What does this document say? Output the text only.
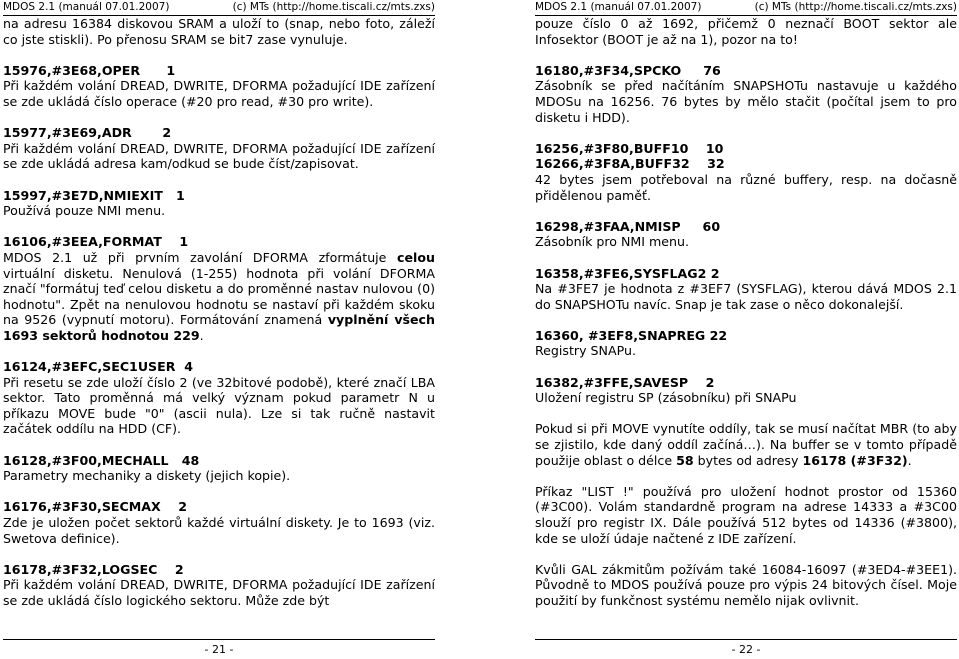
MDOS 2.1 (manuál 07.01.2007)	(c) MTs (http://home.tiscali.cz/mts.zxs)

na adresu 16384 diskovou SRAM a uloží to (snap, nebo foto, záleží co jste stiskli). Po přenosu SRAM se bit7 zase vynuluje.

15976,#3E68,OPER      1

Při každém volání DREAD, DWRITE, DFORMA požadující IDE zařízení se zde ukládá číslo operace (#20 pro read, #30 pro write).

15977,#3E69,ADR       2

Při každém volání DREAD, DWRITE, DFORMA požadující IDE zařízení se zde ukládá adresa kam/odkud se bude číst/zapisovat.

15997,#3E7D,NMIEXIT   1

Používá pouze NMI menu.

16106,#3EEA,FORMAT    1

MDOS 2.1 už při prvním zavolání DFORMA zformátuje celou virtuální disketu. Nenulová (1-255) hodnota při volání DFORMA značí "formátuj teď celou disketu a do proměnné nastav nulovou (0) hodnotu". Zpět na nenulovou hodnotu se nastaví při každém skoku na 9526 (vypnutí motoru). Formátování znamená vyplnění všech 1693 sektorů hodnotou 229.

16124,#3EFC,SEC1USER  4

Při resetu se zde uloží číslo 2 (ve 32bitové podobě), které značí LBA sektor. Tato proměnná má velký význam pokud parametr N u příkazu MOVE bude "0" (ascii nula). Lze si tak ručně nastavit začátek oddílu na HDD (CF).

16128,#3F00,MECHALL   48

Parametry mechaniky a diskety (jejich kopie).

16176,#3F30,SECMAX    2

Zde je uložen počet sektorů každé virtuální diskety. Je to 1693 (viz. Swetova definice).

16178,#3F32,LOGSEC    2

Při každém volání DREAD, DWRITE, DFORMA požadující IDE zařízení se zde ukládá číslo logického sektoru. Může zde být

- 21 -
MDOS 2.1 (manuál 07.01.2007)	(c) MTs (http://home.tiscali.cz/mts.zxs)

pouze číslo 0 až 1692, přičemž 0 neznačí BOOT sektor ale Infosektor (BOOT je až na 1), pozor na to!

16180,#3F34,SPCKO     76

Zásobník se před načítáním SNAPSHOTu nastavuje u každého MDOSu na 16256. 76 bytes by mělo stačit (počítal jsem to pro disketu i HDD).

16256,#3F80,BUFF10    10

16266,#3F8A,BUFF32    32

42 bytes jsem potřeboval na různé buffery, resp. na dočasně přidělenou paměť.

16298,#3FAA,NMISP     60

Zásobník pro NMI menu.

16358,#3FE6,SYSFLAG2 2

Na #3FE7 je hodnota z #3EF7 (SYSFLAG), kterou dává MDOS 2.1 do SNAPSHOTu navíc. Snap je tak zase o něco dokonalejší.

16360, #3EF8,SNAPREG 22

Registry SNAPu.

16382,#3FFE,SAVESP    2

Uložení registru SP (zásobníku) při SNAPu

Pokud si při MOVE vynutíte oddíly, tak se musí načítat MBR (to aby se zjistilo, kde daný oddíl začíná…). Na buffer se v tomto případě použije oblast o délce 58 bytes od adresy 16178 (#3F32).

Příkaz "LIST !" používá pro uložení hodnot prostor od 15360 (#3C00). Volám standardně program na adrese 14333 a #3C00 slouží pro registr IX. Dále používá 512 bytes od 14336 (#3800), kde se uloží údaje načtené z IDE zařízení.

Kvůli GAL zákmitům požívám také 16084-16097 (#3ED4-#3EE1). Původně to MDOS používá pouze pro výpis 24 bitových čísel. Moje použití by funkčnost systému nemělo nijak ovlivnit.

- 22 -
